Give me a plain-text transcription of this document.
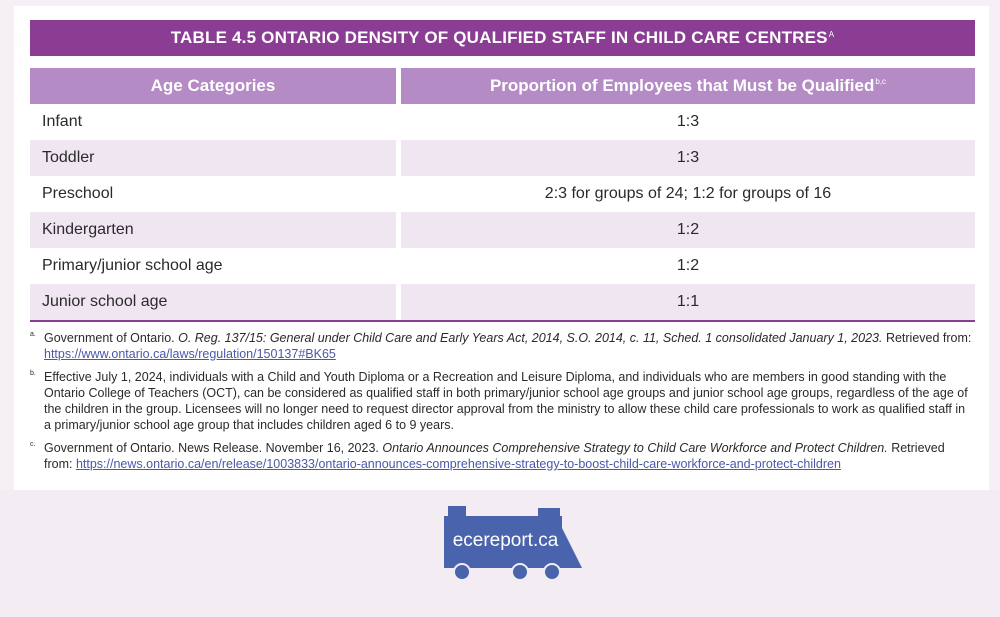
TABLE 4.5 ONTARIO DENSITY OF QUALIFIED STAFF IN CHILD CARE $CENTRES^A$
Age Categories	Proportion of Employees that Must be Qualified$^{b,c}$
Infant	1:3
Toddler	1:3
Preschool	2:3 for groups of 24; 1:2 for groups of 16
Kindergarten	1:2
Primary/junior school age	1:2
Junior school age	1:1
a. Government of Ontario. O. Reg. 137/15: General under Child Care and Early Years Act, 2014, S.O. 2014, c. 11, Sched. 1 consolidated January 1, 2023. Retrieved from: https://www.ontario.ca/laws/regulation/150137#BK65
b. Effective July 1, 2024, individuals with a Child and Youth Diploma or a Recreation and Leisure Diploma, and individuals who are members in good standing with the Ontario College of Teachers (OCT), can be considered as qualified staff in both primary/junior school age groups and junior school age groups, regardless of the age of the children in the group. Licensees will no longer need to request director approval from the ministry to allow these child care professionals to work as qualified staff in a primary/junior school age group that includes children aged 6 to 9 years.
c. Government of Ontario. News Release. November 16, 2023. Ontario Announces Comprehensive Strategy to Child Care Workforce and Protect Children. Retrieved from: https://news.ontario.ca/en/release/1003833/ontario-announces-comprehensive-strategy-to-boost-child-care-workforce-and-protect-children
ecereport.ca
